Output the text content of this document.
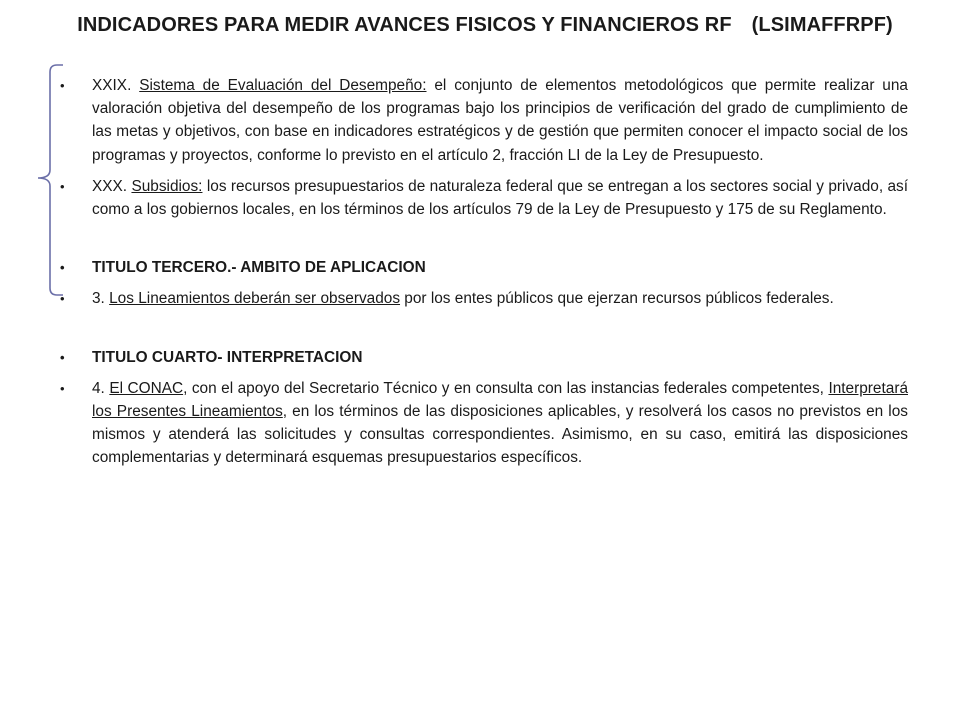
INDICADORES PARA MEDIR AVANCES FISICOS Y FINANCIEROS RF (LSIMAFFRPF)
• XXIX. Sistema de Evaluación del Desempeño: el conjunto de elementos metodológicos que permite realizar una valoración objetiva del desempeño de los programas bajo los principios de verificación del grado de cumplimiento de las metas y objetivos, con base en indicadores estratégicos y de gestión que permiten conocer el impacto social de los programas y proyectos, conforme lo previsto en el artículo 2, fracción LI de la Ley de Presupuesto.
• XXX. Subsidios: los recursos presupuestarios de naturaleza federal que se entregan a los sectores social y privado, así como a los gobiernos locales, en los términos de los artículos 79 de la Ley de Presupuesto y 175 de su Reglamento.
• TITULO TERCERO.- AMBITO DE APLICACION
• 3. Los Lineamientos deberán ser observados por los entes públicos que ejerzan recursos públicos federales.
• TITULO CUARTO- INTERPRETACION
• 4. El CONAC, con el apoyo del Secretario Técnico y en consulta con las instancias federales competentes, Interpretará los Presentes Lineamientos, en los términos de las disposiciones aplicables, y resolverá los casos no previstos en los mismos y atenderá las solicitudes y consultas correspondientes. Asimismo, en su caso, emitirá las disposiciones complementarias y determinará esquemas presupuestarios específicos.
